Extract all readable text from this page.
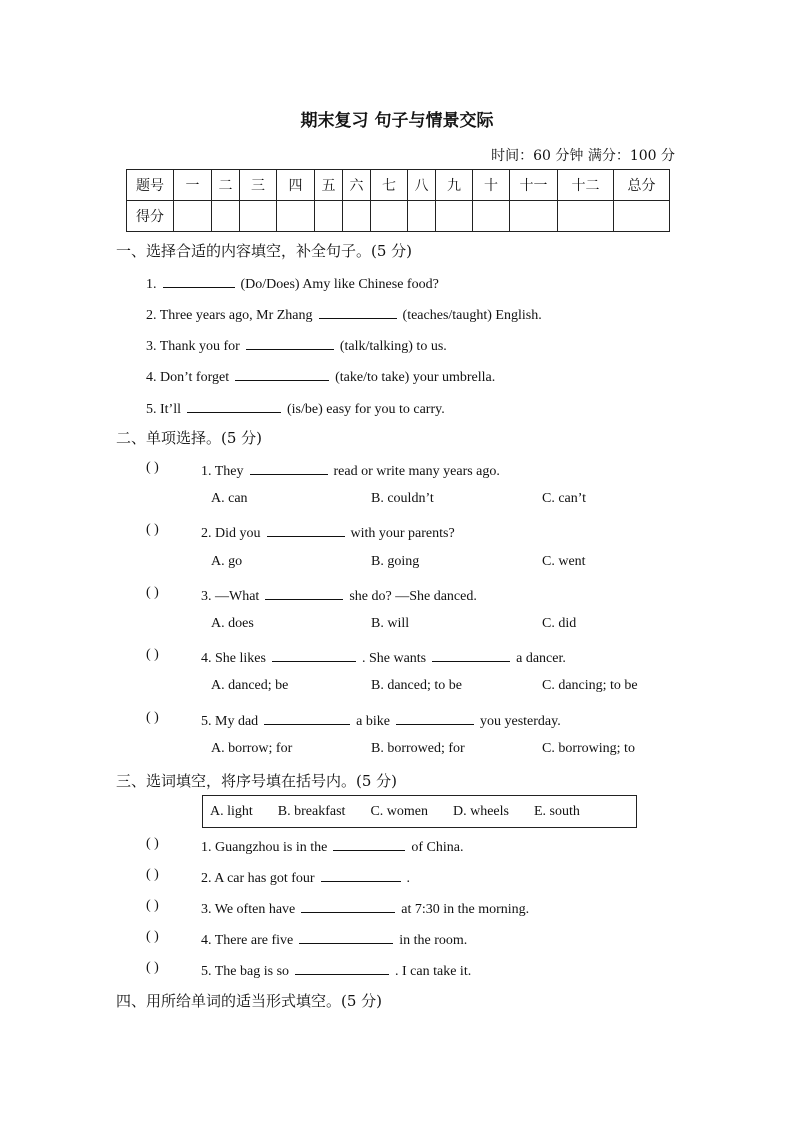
期末复习 句子与情景交际
时间：60 分钟 满分：100 分
题号	一	二	三	四	五	六	七	八	九	十	十一	十二	总分
得分													
一、选择合适的内容填空，补全句子。(5 分)
1.	(Do/Does) Amy like Chinese food?
2. Three years ago, Mr Zhang	(teaches/taught) English.
3. Thank you for	(talk/talking) to us.
4. Don’t forget	(take/to take) your umbrella.
5. It’ll	(is/be) easy for you to carry.
二、单项选择。(5 分)
( )	1. They	read or write many years ago.
A. can	B. couldn’t	C. can’t
( )	2. Did you	with your parents?
A. go	B. going	C. went
( )	3. —What	she do? —She danced.
A. does	B. will	C. did
( )	4. She likes	. She wants	a dancer.
A. danced; be	B. danced; to be	C. dancing; to be
( )	5. My dad	a bike	you yesterday.
A. borrow; for	B. borrowed; for	C. borrowing; to
三、选词填空，将序号填在括号内。(5 分)
A. light B. breakfast C. women D. wheels E. south
( )	1. Guangzhou is in the	of China.
( )	2. A car has got four	.
( )	3. We often have	at 7:30 in the morning.
( )	4. There are five	in the room.
( )	5. The bag is so	. I can take it.
四、用所给单词的适当形式填空。(5 分)
